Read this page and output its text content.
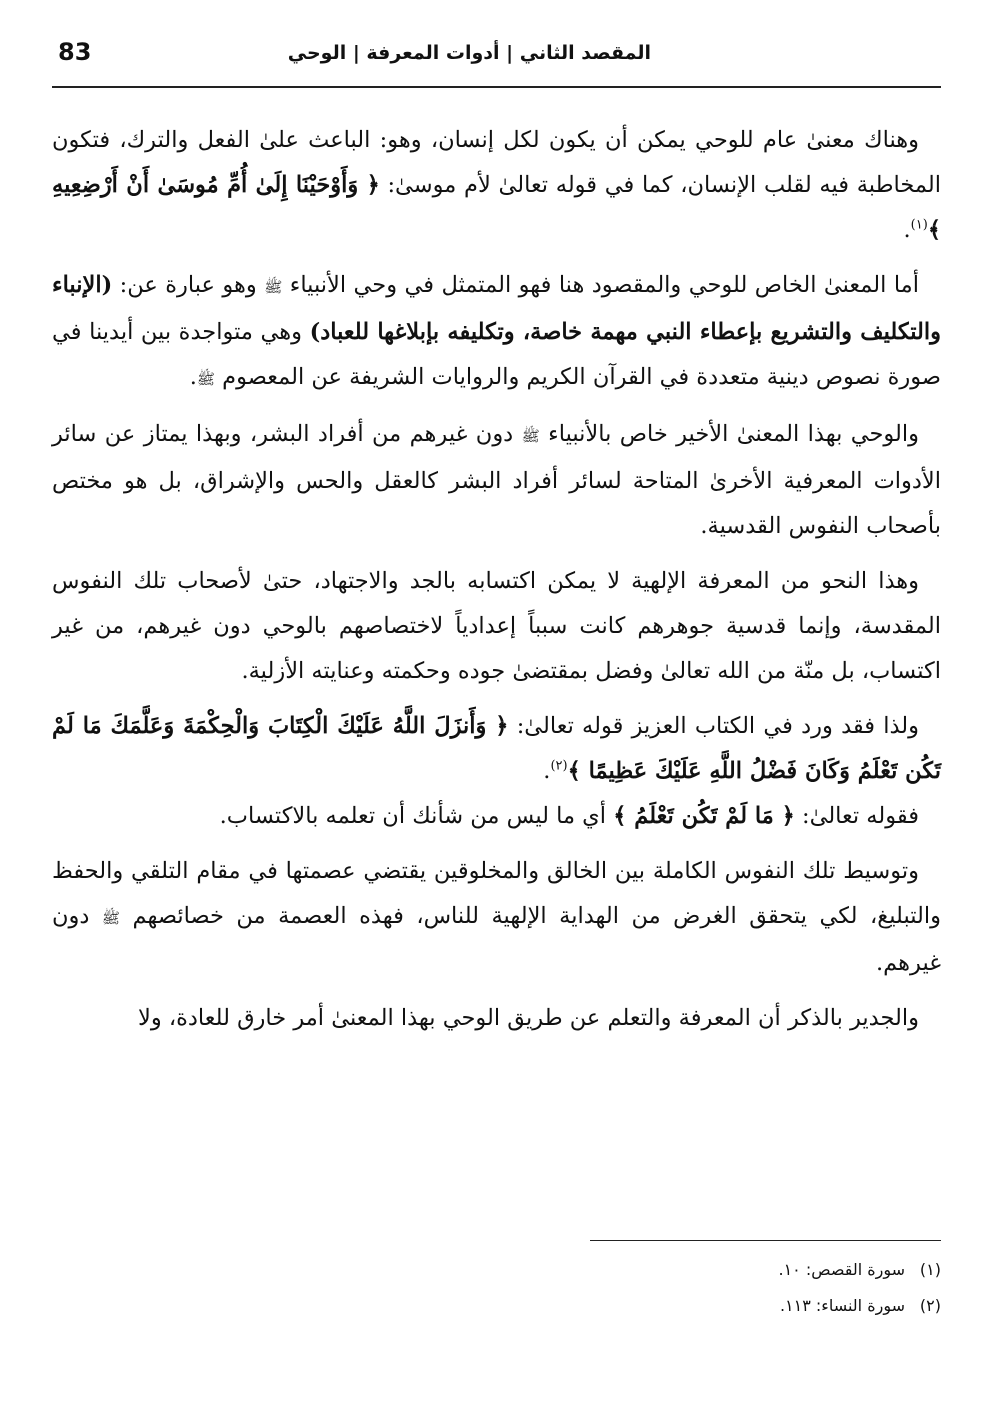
83	المقصد الثاني | أدوات المعرفة | الوحي

وهناك معنىٰ عام للوحي يمكن أن يكون لكل إنسان، وهو: الباعث علىٰ الفعل والترك، فتكون المخاطبة فيه لقلب الإنسان، كما في قوله تعالىٰ لأم موسىٰ: ﴿ وَأَوْحَيْنَا إِلَىٰ أُمِّ مُوسَىٰ أَنْ أَرْضِعِيهِ ﴾$^{(١)}$.

أما المعنىٰ الخاص للوحي والمقصود هنا فهو المتمثل في وحي الأنبياء ﷺ وهو عبارة عن: (الإنباء والتكليف والتشريع بإعطاء النبي مهمة خاصة، وتكليفه بإبلاغها للعباد) وهي متواجدة بين أيدينا في صورة نصوص دينية متعددة في القرآن الكريم والروايات الشريفة عن المعصوم ﷺ.

والوحي بهذا المعنىٰ الأخير خاص بالأنبياء ﷺ دون غيرهم من أفراد البشر، وبهذا يمتاز عن سائر الأدوات المعرفية الأخرىٰ المتاحة لسائر أفراد البشر كالعقل والحس والإشراق، بل هو مختص بأصحاب النفوس القدسية.

وهذا النحو من المعرفة الإلهية لا يمكن اكتسابه بالجد والاجتهاد، حتىٰ لأصحاب تلك النفوس المقدسة، وإنما قدسية جوهرهم كانت سبباً إعدادياً لاختصاصهم بالوحي دون غيرهم، من غير اكتساب، بل منّة من الله تعالىٰ وفضل بمقتضىٰ جوده وحكمته وعنايته الأزلية.

ولذا فقد ورد في الكتاب العزيز قوله تعالىٰ: ﴿ وَأَنزَلَ اللَّهُ عَلَيْكَ الْكِتَابَ وَالْحِكْمَةَ وَعَلَّمَكَ مَا لَمْ تَكُن تَعْلَمُ وَكَانَ فَضْلُ اللَّهِ عَلَيْكَ عَظِيمًا ﴾$^{(٢)}$.

فقوله تعالىٰ: ﴿ مَا لَمْ تَكُن تَعْلَمُ ﴾ أي ما ليس من شأنك أن تعلمه بالاكتساب.

وتوسيط تلك النفوس الكاملة بين الخالق والمخلوقين يقتضي عصمتها في مقام التلقي والحفظ والتبليغ، لكي يتحقق الغرض من الهداية الإلهية للناس، فهذه العصمة من خصائصهم ﷺ دون غيرهم.

والجدير بالذكر أن المعرفة والتعلم عن طريق الوحي بهذا المعنىٰ أمر خارق للعادة، ولا

(١)سورة القصص: ١٠.
(٢)سورة النساء: ١١٣.
